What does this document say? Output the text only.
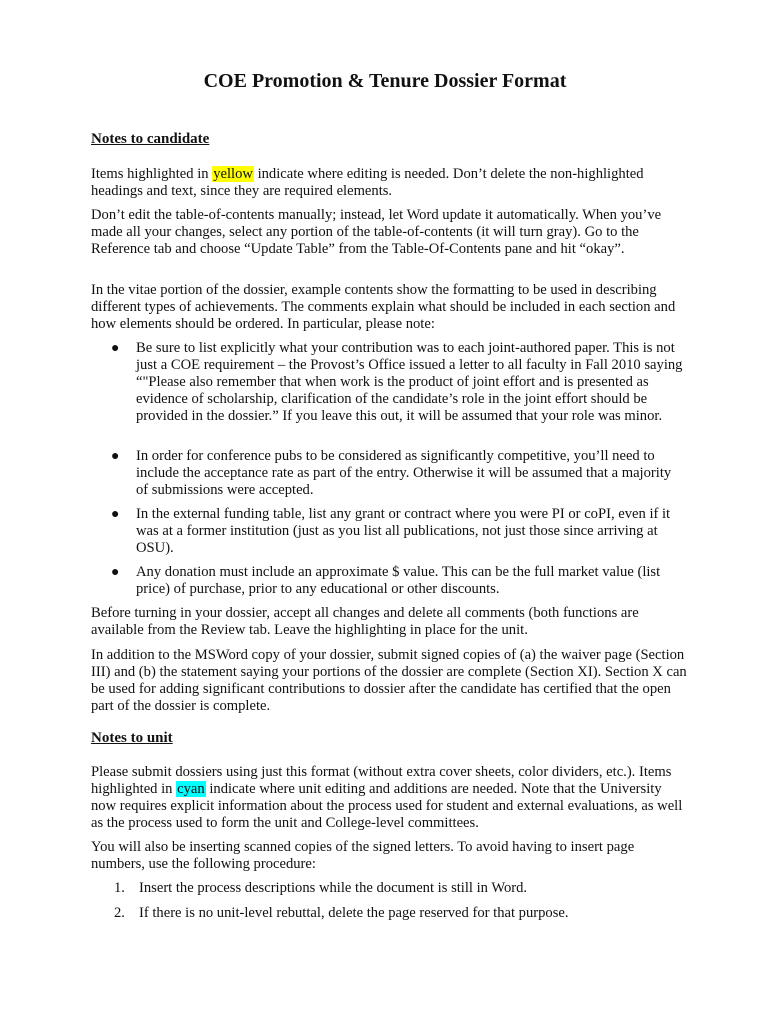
COE Promotion & Tenure Dossier Format
Notes to candidate
Items highlighted in yellow indicate where editing is needed. Don’t delete the non-highlighted headings and text, since they are required elements.
Don’t edit the table-of-contents manually; instead, let Word update it automatically. When you’ve made all your changes, select any portion of the table-of-contents (it will turn gray). Go to the Reference tab and choose “Update Table” from the Table-Of-Contents pane and hit “okay”.
In the vitae portion of the dossier, example contents show the formatting to be used in describing different types of achievements. The comments explain what should be included in each section and how elements should be ordered. In particular, please note:
● Be sure to list explicitly what your contribution was to each joint-authored paper. This is not just a COE requirement – the Provost’s Office issued a letter to all faculty in Fall 2010 saying “"Please also remember that when work is the product of joint effort and is presented as evidence of scholarship, clarification of the candidate’s role in the joint effort should be provided in the dossier.” If you leave this out, it will be assumed that your role was minor.
● In order for conference pubs to be considered as significantly competitive, you’ll need to include the acceptance rate as part of the entry. Otherwise it will be assumed that a majority of submissions were accepted.
● In the external funding table, list any grant or contract where you were PI or coPI, even if it was at a former institution (just as you list all publications, not just those since arriving at OSU).
● Any donation must include an approximate $ value. This can be the full market value (list price) of purchase, prior to any educational or other discounts.
Before turning in your dossier, accept all changes and delete all comments (both functions are available from the Review tab. Leave the highlighting in place for the unit.
In addition to the MSWord copy of your dossier, submit signed copies of (a) the waiver page (Section III) and (b) the statement saying your portions of the dossier are complete (Section XI). Section X can be used for adding significant contributions to dossier after the candidate has certified that the open part of the dossier is complete.
Notes to unit
Please submit dossiers using just this format (without extra cover sheets, color dividers, etc.). Items highlighted in cyan indicate where unit editing and additions are needed. Note that the University now requires explicit information about the process used for student and external evaluations, as well as the process used to form the unit and College-level committees.
You will also be inserting scanned copies of the signed letters. To avoid having to insert page numbers, use the following procedure:
1. Insert the process descriptions while the document is still in Word.
2. If there is no unit-level rebuttal, delete the page reserved for that purpose.
